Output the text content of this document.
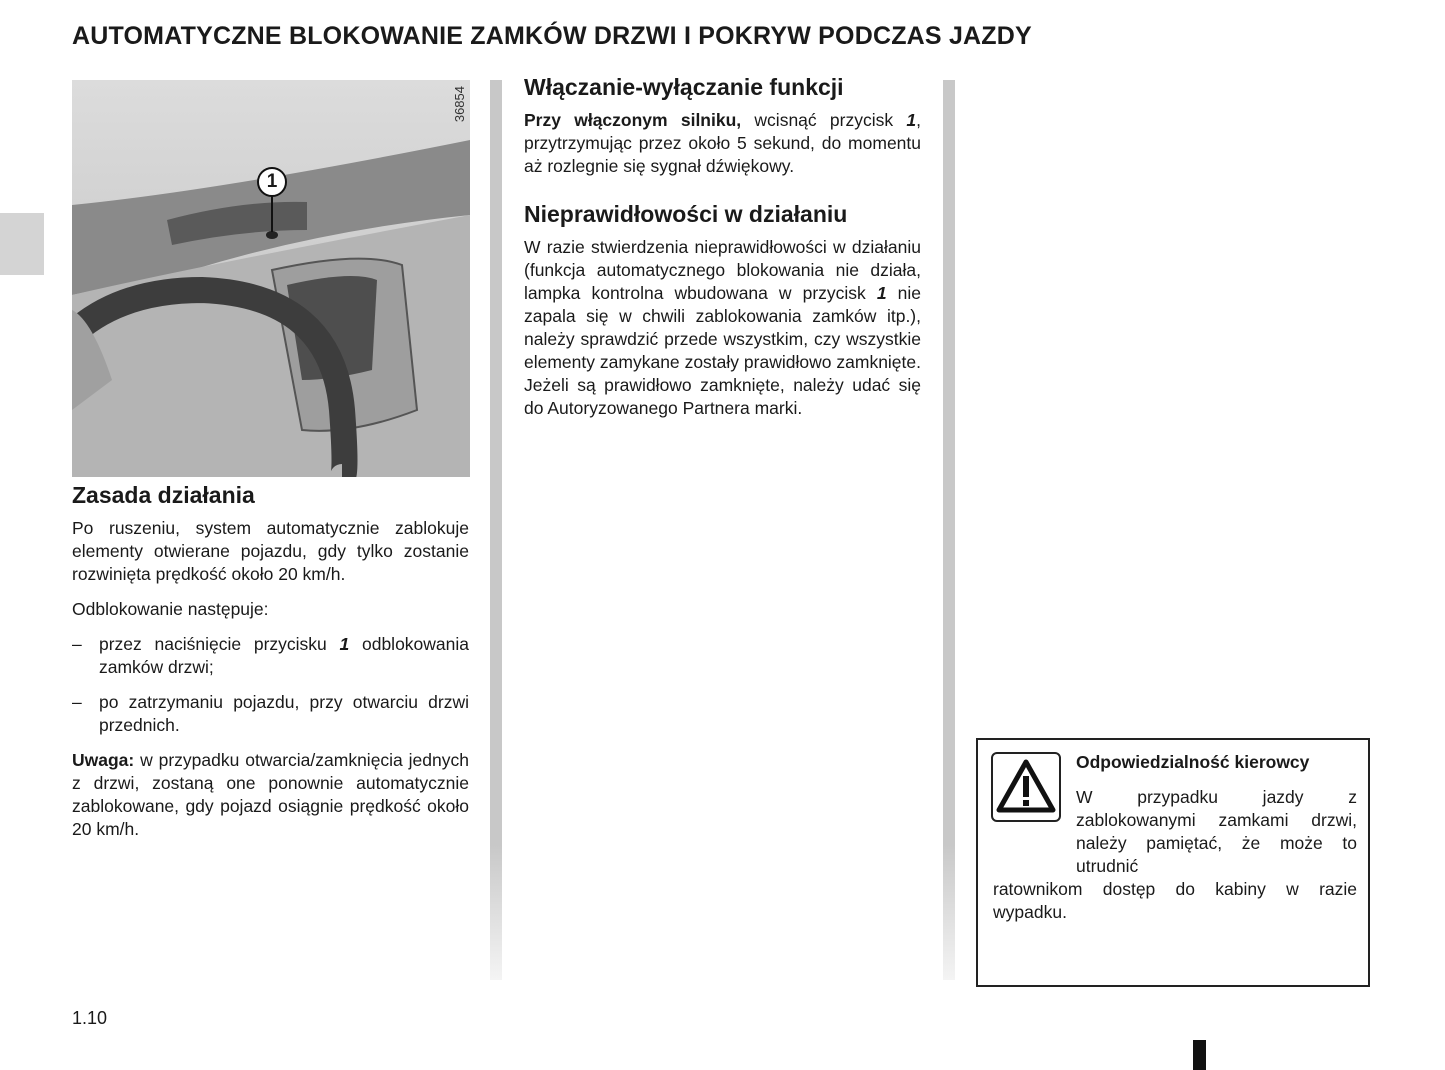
AUTOMATYCZNE BLOKOWANIE ZAMKÓW DRZWI I POKRYW PODCZAS JAZDY
36854
1
Zasada działania

Po ruszeniu, system automatycznie zablokuje elementy otwierane pojazdu, gdy tylko zostanie rozwinięta prędkość około 20 km/h.

Odblokowanie następuje:

– przez naciśnięcie przycisku 1 odblokowania zamków drzwi;
– po zatrzymaniu pojazdu, przy otwarciu drzwi przednich.

Uwaga: w przypadku otwarcia/zamknięcia jednych z drzwi, zostaną one ponownie automatycznie zablokowane, gdy pojazd osiągnie prędkość około 20 km/h.

Włączanie-wyłączanie funkcji

Przy włączonym silniku, wcisnąć przycisk 1, przytrzymując przez około 5 sekund, do momentu aż rozlegnie się sygnał dźwiękowy.

Nieprawidłowości w działaniu

W razie stwierdzenia nieprawidłowości w działaniu (funkcja automatycznego blokowania nie działa, lampka kontrolna wbudowana w przycisk 1 nie zapala się w chwili zablokowania zamków itp.), należy sprawdzić przede wszystkim, czy wszystkie elementy zamykane zostały prawidłowo zamknięte. Jeżeli są prawidłowo zamknięte, należy udać się do Autoryzowanego Partnera marki.

Odpowiedzialność kierowcy
W przypadku jazdy z zablokowanymi zamkami drzwi, należy pamiętać, że może to utrudnić
ratownikom dostęp do kabiny w razie wypadku.
1.10
